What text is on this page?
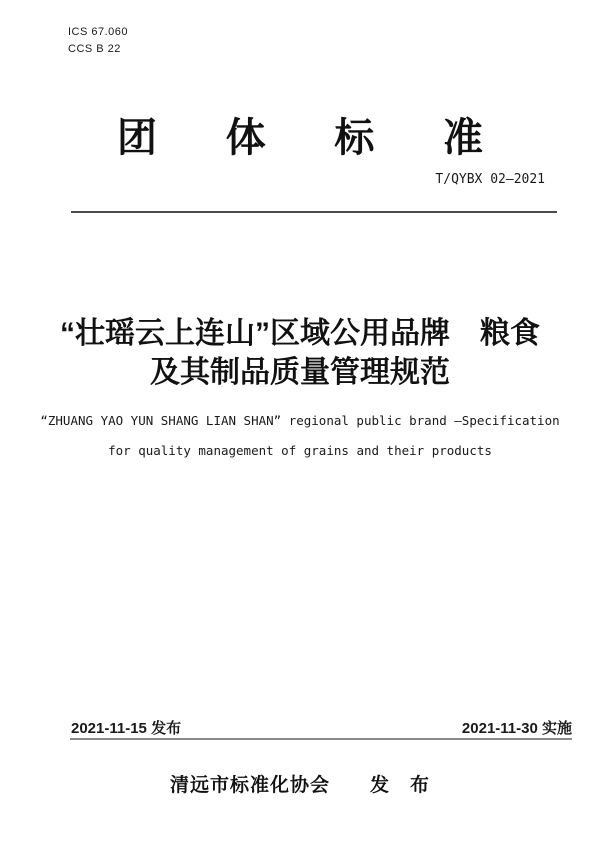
ICS 67.060
CCS B 22
团 体 标 准
T/QYBX 02—2021
“壮瑶云上连山”区域公用品牌　粮食
及其制品质量管理规范
“ZHUANG YAO YUN SHANG LIAN SHAN” regional public brand —Specification
for quality management of grains and their products
2021-11-15 发布	2021-11-30 实施
清远市标准化协会　　发　布
